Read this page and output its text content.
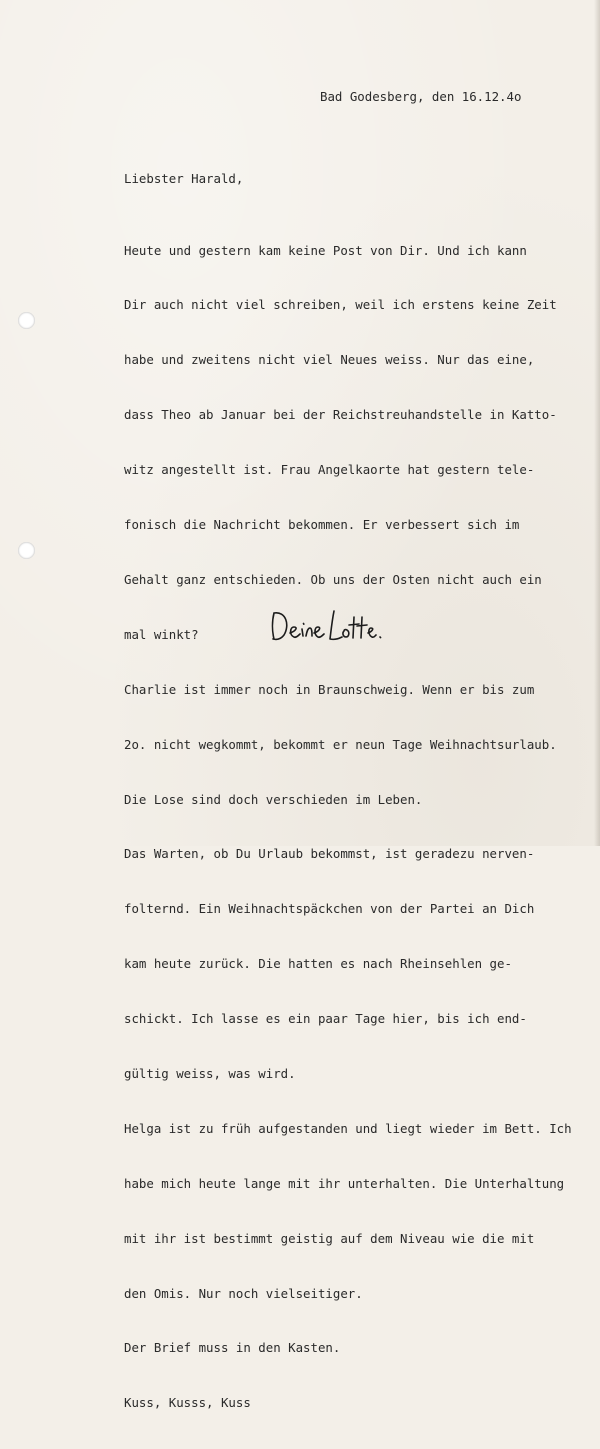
Bad Godesberg, den 16.12.4o
Liebster Harald,

Heute und gestern kam keine Post von Dir. Und ich kann

Dir auch nicht viel schreiben, weil ich erstens keine Zeit

habe und zweitens nicht viel Neues weiss. Nur das eine,

dass Theo ab Januar bei der Reichstreuhandstelle in Katto-

witz angestellt ist. Frau Angelkaorte hat gestern tele-

fonisch die Nachricht bekommen. Er verbessert sich im

Gehalt ganz entschieden. Ob uns der Osten nicht auch ein

mal winkt?

Charlie ist immer noch in Braunschweig. Wenn er bis zum

2o. nicht wegkommt, bekommt er neun Tage Weihnachtsurlaub.

Die Lose sind doch verschieden im Leben.

Das Warten, ob Du Urlaub bekommst, ist geradezu nerven-

folternd. Ein Weihnachtspäckchen von der Partei an Dich

kam heute zurück. Die hatten es nach Rheinsehlen ge-

schickt. Ich lasse es ein paar Tage hier, bis ich end-

gültig weiss, was wird.

Helga ist zu früh aufgestanden und liegt wieder im Bett. Ich

habe mich heute lange mit ihr unterhalten. Die Unterhaltung

mit ihr ist bestimmt geistig auf dem Niveau wie die mit

den Omis. Nur noch vielseitiger.

Der Brief muss in den Kasten.

Kuss, Kusss, Kuss
